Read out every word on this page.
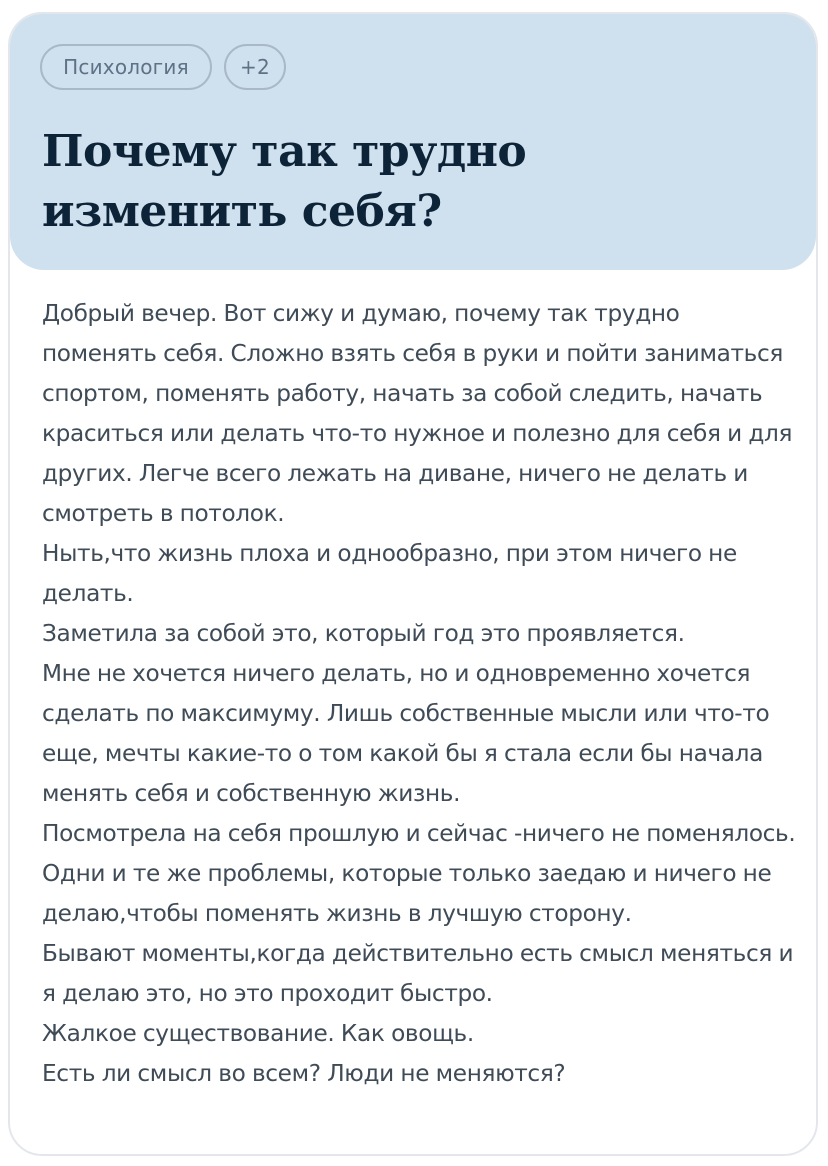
Психология	+2
Почему так трудно изменить себя?

Добрый вечер. Вот сижу и думаю, почему так трудно поменять себя. Сложно взять себя в руки и пойти заниматься спортом, поменять работу, начать за собой следить, начать краситься или делать что-то нужное и полезно для себя и для других. Легче всего лежать на диване, ничего не делать и смотреть в потолок.

Ныть,что жизнь плоха и однообразно, при этом ничего не делать.

Заметила за собой это, который год это проявляется.

Мне не хочется ничего делать, но и одновременно хочется сделать по максимуму. Лишь собственные мысли или что-то еще, мечты какие-то о том какой бы я стала если бы начала менять себя и собственную жизнь.

Посмотрела на себя прошлую и сейчас -ничего не поменялось. Одни и те же проблемы, которые только заедаю и ничего не делаю,чтобы поменять жизнь в лучшую сторону.

Бывают моменты,когда действительно есть смысл меняться и я делаю это, но это проходит быстро.

Жалкое существование. Как овощь.

Есть ли смысл во всем? Люди не меняются?
